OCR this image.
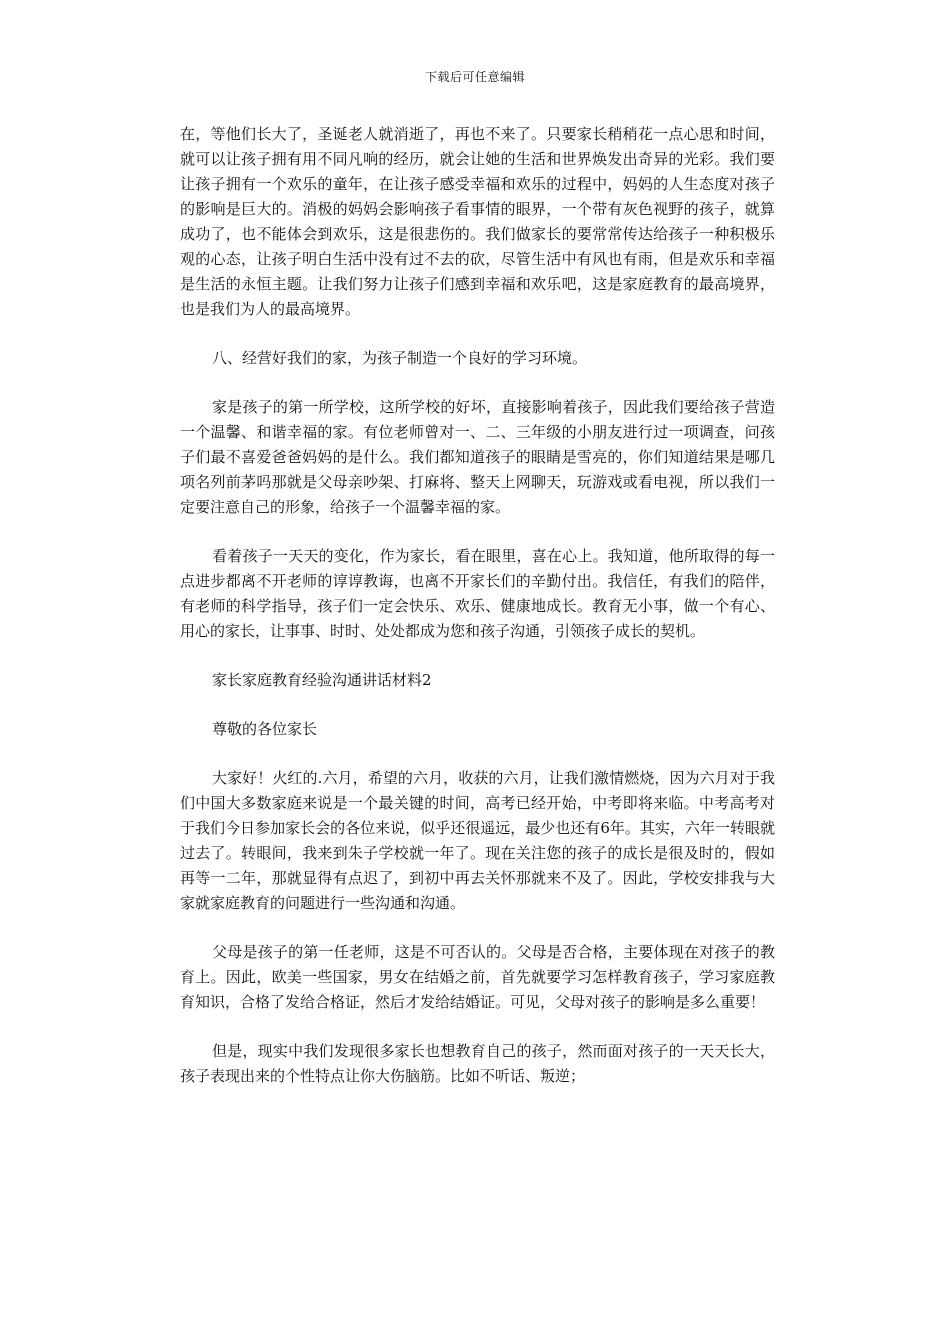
下载后可任意编辑

在，等他们长大了，圣诞老人就消逝了，再也不来了。只要家长稍稍花一点心思和时间，就可以让孩子拥有用不同凡响的经历，就会让她的生活和世界焕发出奇异的光彩。我们要让孩子拥有一个欢乐的童年，在让孩子感受幸福和欢乐的过程中，妈妈的人生态度对孩子的影响是巨大的。消极的妈妈会影响孩子看事情的眼界，一个带有灰色视野的孩子，就算成功了，也不能体会到欢乐，这是很悲伤的。我们做家长的要常常传达给孩子一种积极乐观的心态，让孩子明白生活中没有过不去的砍，尽管生活中有风也有雨，但是欢乐和幸福是生活的永恒主题。让我们努力让孩子们感到幸福和欢乐吧，这是家庭教育的最高境界，也是我们为人的最高境界。

八、经营好我们的家，为孩子制造一个良好的学习环境。

家是孩子的第一所学校，这所学校的好坏，直接影响着孩子，因此我们要给孩子营造一个温馨、和谐幸福的家。有位老师曾对一、二、三年级的小朋友进行过一项调查，问孩子们最不喜爱爸爸妈妈的是什么。我们都知道孩子的眼睛是雪亮的，你们知道结果是哪几项名列前茅吗那就是父母亲吵架、打麻将、整天上网聊天，玩游戏或看电视，所以我们一定要注意自己的形象，给孩子一个温馨幸福的家。

看着孩子一天天的变化，作为家长，看在眼里，喜在心上。我知道，他所取得的每一点进步都离不开老师的谆谆教诲，也离不开家长们的辛勤付出。我信任，有我们的陪伴，有老师的科学指导，孩子们一定会快乐、欢乐、健康地成长。教育无小事，做一个有心、用心的家长，让事事、时时、处处都成为您和孩子沟通，引领孩子成长的契机。

家长家庭教育经验沟通讲话材料2

尊敬的各位家长

大家好！火红的.六月，希望的六月，收获的六月，让我们激情燃烧，因为六月对于我们中国大多数家庭来说是一个最关键的时间，高考已经开始，中考即将来临。中考高考对于我们今日参加家长会的各位来说，似乎还很遥远，最少也还有6年。其实，六年一转眼就过去了。转眼间，我来到朱子学校就一年了。现在关注您的孩子的成长是很及时的，假如再等一二年，那就显得有点迟了，到初中再去关怀那就来不及了。因此，学校安排我与大家就家庭教育的问题进行一些沟通和沟通。

父母是孩子的第一任老师，这是不可否认的。父母是否合格，主要体现在对孩子的教育上。因此，欧美一些国家，男女在结婚之前，首先就要学习怎样教育孩子，学习家庭教育知识，合格了发给合格证，然后才发给结婚证。可见，父母对孩子的影响是多么重要！

但是，现实中我们发现很多家长也想教育自己的孩子，然而面对孩子的一天天长大，孩子表现出来的个性特点让你大伤脑筋。比如不听话、叛逆；
